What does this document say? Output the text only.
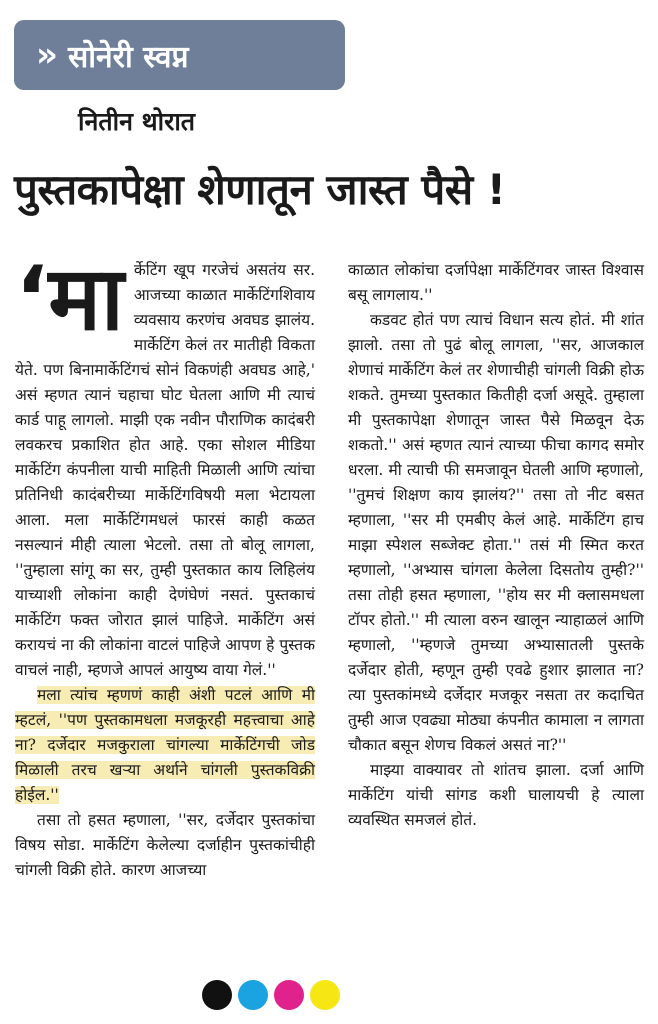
» सोनेरी स्वप्न
नितीन थोरात
पुस्तकापेक्षा शेणातून जास्त पैसे !

‘मा र्केटिंग खूप गरजेचं असतंय सर. आजच्या काळात मार्केटिंगशिवाय व्यवसाय करणंच अवघड झालंय. मार्केटिंग केलं तर मातीही विकता येते. पण बिनामार्केटिंगचं सोनं विकणंही अवघड आहे,' असं म्हणत त्यानं चहाचा घोट घेतला आणि मी त्याचं कार्ड पाहू लागलो. माझी एक नवीन पौराणिक कादंबरी लवकरच प्रकाशित होत आहे. एका सोशल मीडिया मार्केटिंग कंपनीला याची माहिती मिळाली आणि त्यांचा प्रतिनिधी कादंबरीच्या मार्केटिंगविषयी मला भेटायला आला. मला मार्केटिंगमधलं फारसं काही कळत नसल्यानं मीही त्याला भेटलो. तसा तो बोलू लागला, ''तुम्हाला सांगू का सर, तुम्ही पुस्तकात काय लिहिलंय याच्याशी लोकांना काही देणंघेणं नसतं. पुस्तकाचं मार्केटिंग फक्त जोरात झालं पाहिजे. मार्केटिंग असं करायचं ना की लोकांना वाटलं पाहिजे आपण हे पुस्तक वाचलं नाही, म्हणजे आपलं आयुष्य वाया गेलं.''

मला त्यांच म्हणणं काही अंशी पटलं आणि मी म्हटलं, ''पण पुस्तकामधला मजकूरही महत्त्वाचा आहे ना? दर्जेदार मजकुराला चांगल्या मार्केटिंगची जोड मिळाली तरच खऱ्या अर्थाने चांगली पुस्तकविक्री होईल.''

तसा तो हसत म्हणाला, ''सर, दर्जेदार पुस्तकांचा विषय सोडा. मार्केटिंग केलेल्या दर्जाहीन पुस्तकांचीही चांगली विक्री होते. कारण आजच्या

काळात लोकांचा दर्जापेक्षा मार्केटिंगवर जास्त विश्वास बसू लागलाय.''

कडवट होतं पण त्याचं विधान सत्य होतं. मी शांत झालो. तसा तो पुढं बोलू लागला, ''सर, आजकाल शेणाचं मार्केटिंग केलं तर शेणाचीही चांगली विक्री होऊ शकते. तुमच्या पुस्तकात कितीही दर्जा असूदे. तुम्हाला मी पुस्तकापेक्षा शेणातून जास्त पैसे मिळवून देऊ शकतो.'' असं म्हणत त्यानं त्याच्या फीचा कागद समोर धरला. मी त्याची फी समजावून घेतली आणि म्हणालो, ''तुमचं शिक्षण काय झालंय?'' तसा तो नीट बसत म्हणाला, ''सर मी एमबीए केलं आहे. मार्केटिंग हाच माझा स्पेशल सब्जेक्ट होता.'' तसं मी स्मित करत म्हणालो, ''अभ्यास चांगला केलेला दिसतोय तुम्ही?'' तसा तोही हसत म्हणाला, ''होय सर मी क्लासमधला टॉपर होतो.'' मी त्याला वरुन खालून न्याहाळलं आणि म्हणालो, ''म्हणजे तुमच्या अभ्यासातली पुस्तके दर्जेदार होती, म्हणून तुम्ही एवढे हुशार झालात ना? त्या पुस्तकांमध्ये दर्जेदार मजकूर नसता तर कदाचित तुम्ही आज एवढ्या मोठ्या कंपनीत कामाला न लागता चौकात बसून शेणच विकलं असतं ना?''

माझ्या वाक्यावर तो शांतच झाला. दर्जा आणि मार्केटिंग यांची सांगड कशी घालायची हे त्याला व्यवस्थित समजलं होतं.
